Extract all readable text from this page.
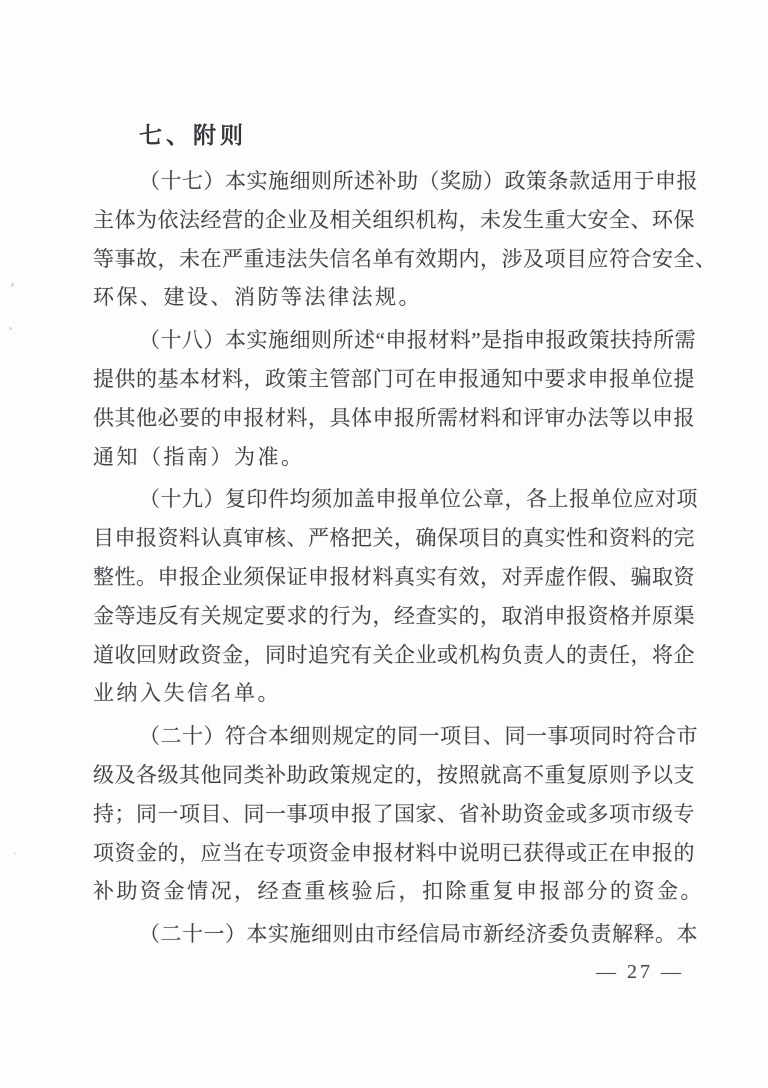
七、附则
（十七）本实施细则所述补助（奖励）政策条款适用于申报
主体为依法经营的企业及相关组织机构，未发生重大安全、环保
等事故，未在严重违法失信名单有效期内，涉及项目应符合安全、
环保、建设、消防等法律法规。
（十八）本实施细则所述“申报材料”是指申报政策扶持所需
提供的基本材料，政策主管部门可在申报通知中要求申报单位提
供其他必要的申报材料，具体申报所需材料和评审办法等以申报
通知（指南）为准。
（十九）复印件均须加盖申报单位公章，各上报单位应对项
目申报资料认真审核、严格把关，确保项目的真实性和资料的完
整性。申报企业须保证申报材料真实有效，对弄虚作假、骗取资
金等违反有关规定要求的行为，经查实的，取消申报资格并原渠
道收回财政资金，同时追究有关企业或机构负责人的责任，将企
业纳入失信名单。
（二十）符合本细则规定的同一项目、同一事项同时符合市
级及各级其他同类补助政策规定的，按照就高不重复原则予以支
持；同一项目、同一事项申报了国家、省补助资金或多项市级专
项资金的，应当在专项资金申报材料中说明已获得或正在申报的
补助资金情况，经查重核验后，扣除重复申报部分的资金。
（二十一）本实施细则由市经信局市新经济委负责解释。本
— 27 —
